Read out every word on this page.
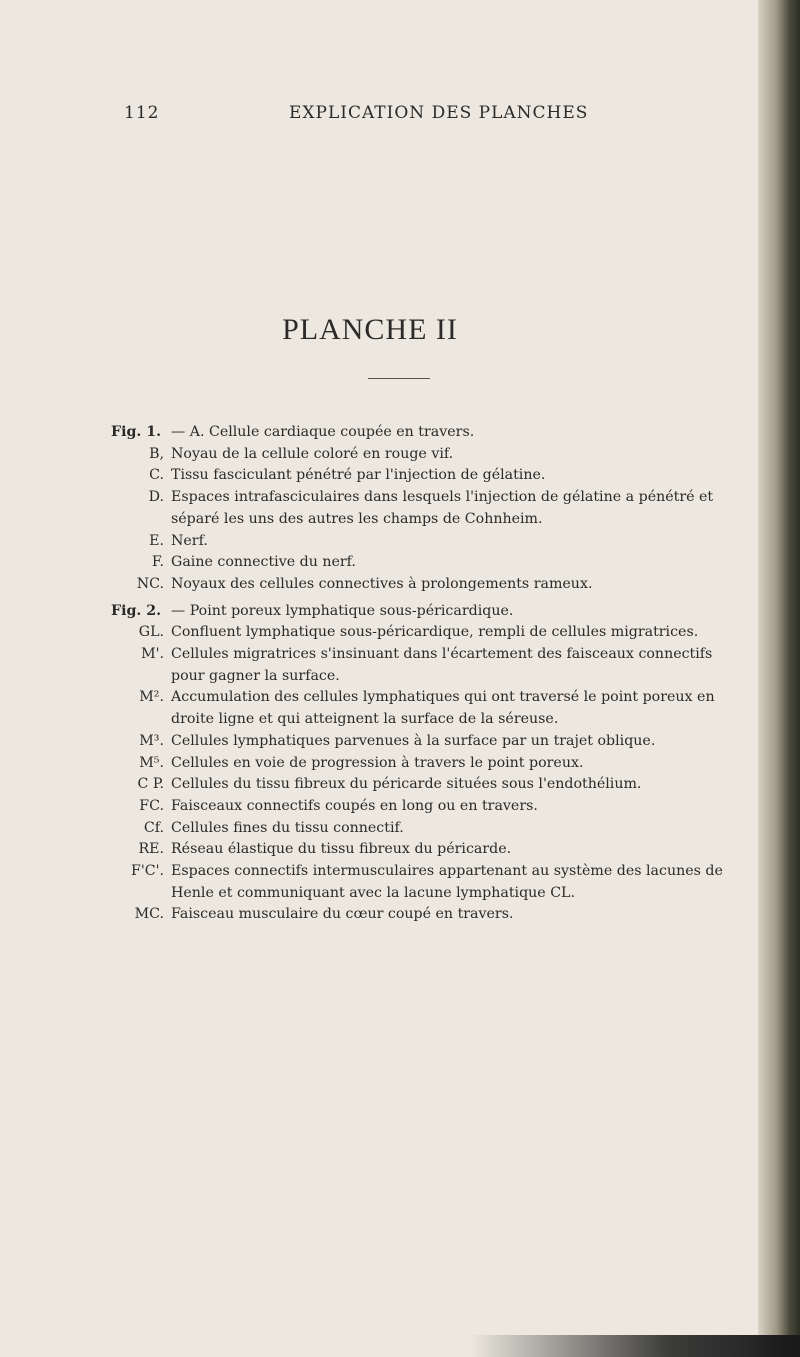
112	EXPLICATION DES PLANCHES
PLANCHE II
Fig. 1. — A. Cellule cardiaque coupée en travers.
B, Noyau de la cellule coloré en rouge vif.
C. Tissu fasciculant pénétré par l'injection de gélatine.
D. Espaces intrafasciculaires dans lesquels l'injection de gélatine a pénétré et séparé les uns des autres les champs de Cohnheim.
E. Nerf.
F. Gaine connective du nerf.
NC. Noyaux des cellules connectives à prolongements rameux.
Fig. 2. — Point poreux lymphatique sous-péricardique.
GL. Confluent lymphatique sous-péricardique, rempli de cellules migratrices.
M'. Cellules migratrices s'insinuant dans l'écartement des faisceaux connectifs pour gagner la surface.
M². Accumulation des cellules lymphatiques qui ont traversé le point poreux en droite ligne et qui atteignent la surface de la séreuse.
M³. Cellules lymphatiques parvenues à la surface par un trajet oblique.
M⁵. Cellules en voie de progression à travers le point poreux.
C P. Cellules du tissu fibreux du péricarde situées sous l'endothélium.
FC. Faisceaux connectifs coupés en long ou en travers.
Cf. Cellules fines du tissu connectif.
RE. Réseau élastique du tissu fibreux du péricarde.
F'C'. Espaces connectifs intermusculaires appartenant au système des lacunes de Henle et communiquant avec la lacune lymphatique CL.
MC. Faisceau musculaire du cœur coupé en travers.
